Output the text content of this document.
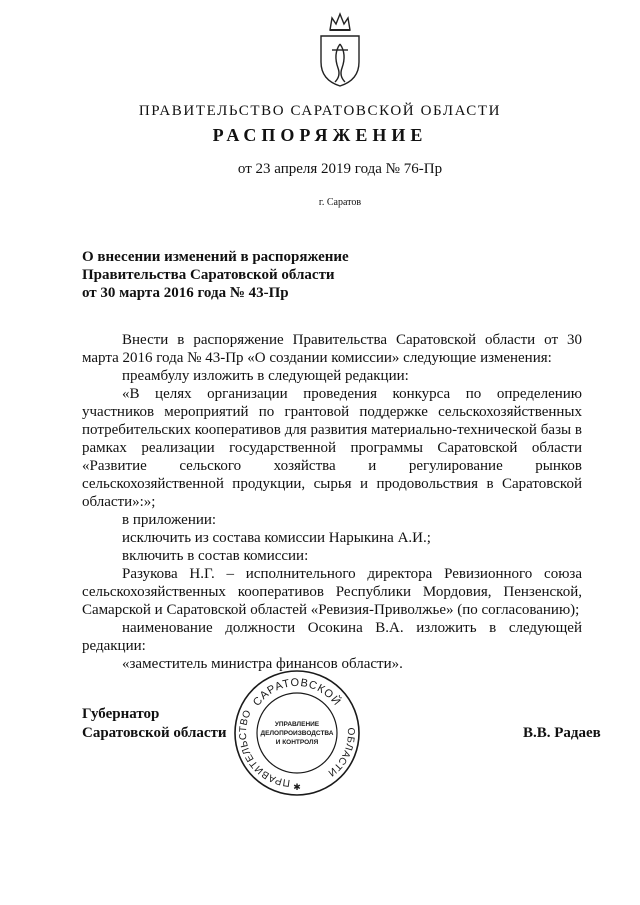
ПРАВИТЕЛЬСТВО САРАТОВСКОЙ ОБЛАСТИ
РАСПОРЯЖЕНИЕ
от 23 апреля 2019 года № 76-Пр
г. Саратов
О внесении изменений в распоряжение
Правительства Саратовской области
от 30 марта 2016 года № 43-Пр

Внести в распоряжение Правительства Саратовской области от 30 марта 2016 года № 43-Пр «О создании комиссии» следующие изменения:

преамбулу изложить в следующей редакции:

«В целях организации проведения конкурса по определению участников мероприятий по грантовой поддержке сельскохозяйственных потребительских кооперативов для развития материально-технической базы в рамках реализации государственной программы Саратовской области «Развитие сельского хозяйства и регулирование рынков сельскохозяйственной продукции, сырья и продовольствия в Саратовской области»:»;

в приложении:

исключить из состава комиссии Нарыкина А.И.;

включить в состав комиссии:

Разукова Н.Г. – исполнительного директора Ревизионного союза сельскохозяйственных кооперативов Республики Мордовия, Пензенской, Самарской и Саратовской областей «Ревизия-Приволжье» (по согласованию);

наименование должности Осокина В.А. изложить в следующей редакции:

«заместитель министра финансов области».

Губернатор
Саратовской области	В.В. Радаев
САРАТОВСКОЙ
ПРАВИТЕЛЬСТВО
ОБЛАСТИ
УПРАВЛЕНИЕ
ДЕЛОПРОИЗВОДСТВА
И КОНТРОЛЯ
✱
